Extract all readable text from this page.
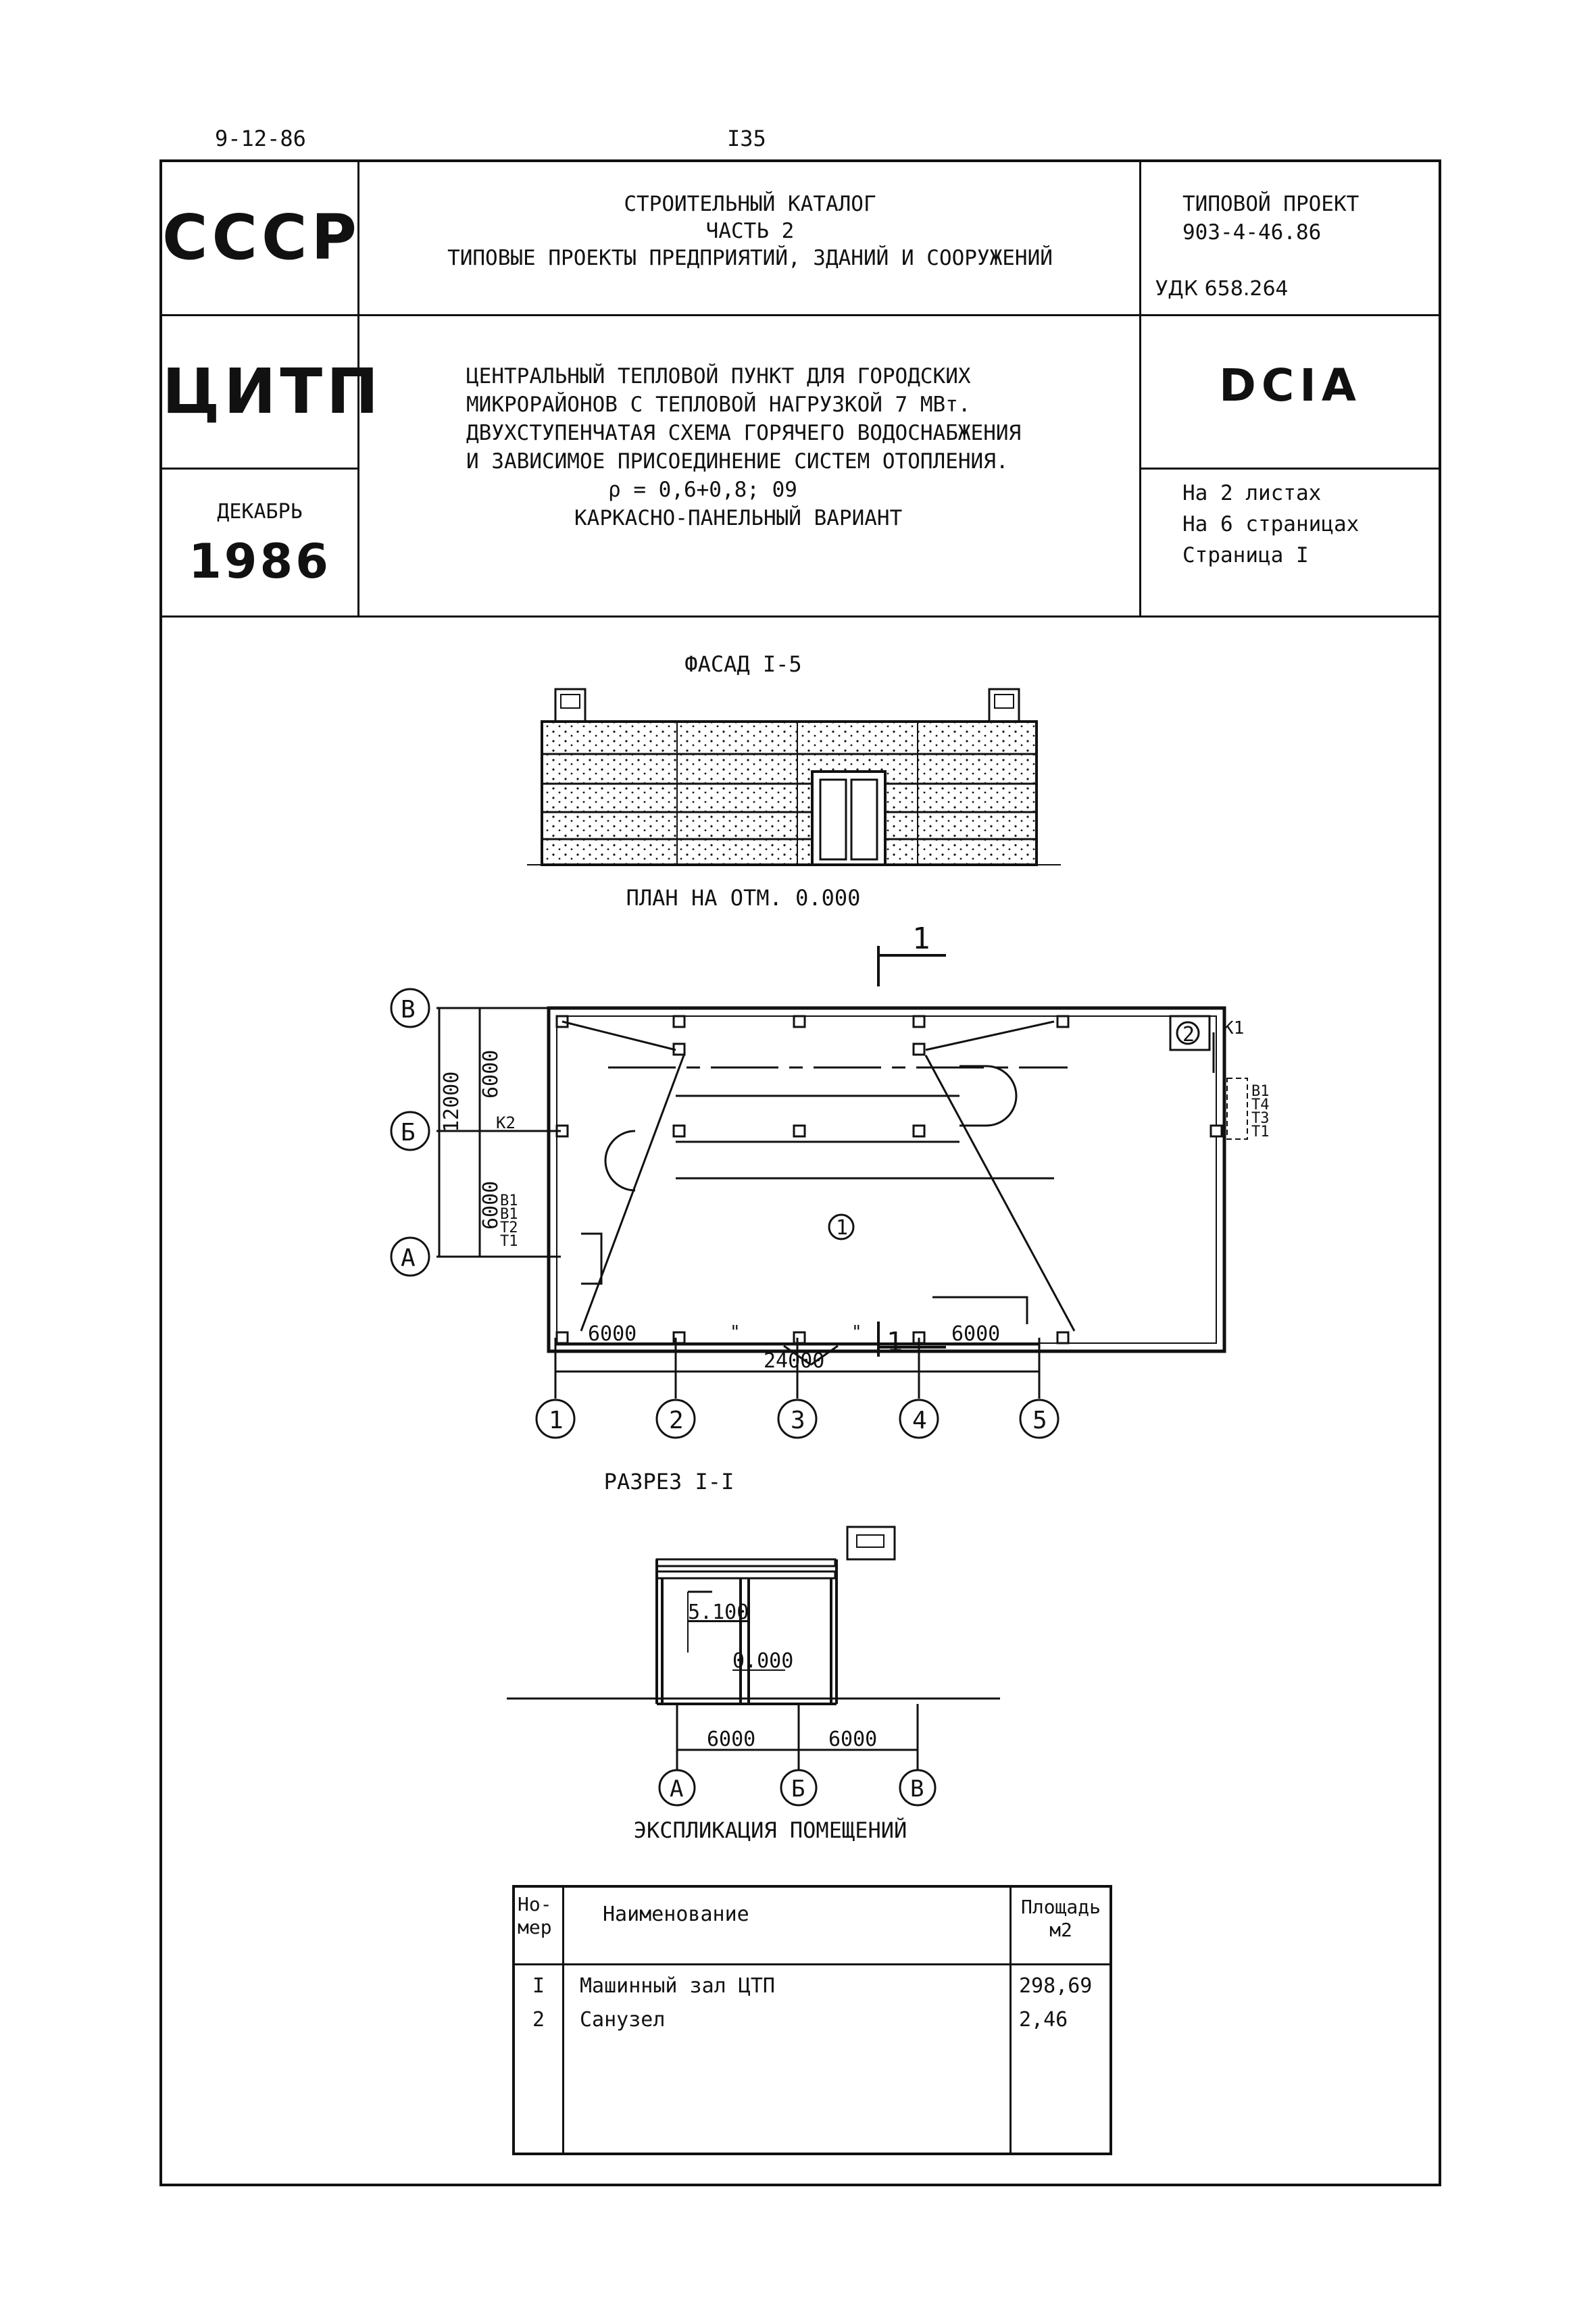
9-12-86	I35
СССР
ЦИТП
ДЕКАБРЬ
1986
СТРОИТЕЛЬНЫЙ КАТАЛОГ
ЧАСТЬ 2
ТИПОВЫЕ ПРОЕКТЫ ПРЕДПРИЯТИЙ, ЗДАНИЙ И СООРУЖЕНИЙ
ЦЕНТРАЛЬНЫЙ ТЕПЛОВОЙ ПУНКТ ДЛЯ ГОРОДСКИХ
МИКРОРАЙОНОВ С ТЕПЛОВОЙ НАГРУЗКОЙ 7 МВт.
ДВУХСТУПЕНЧАТАЯ СХЕМА ГОРЯЧЕГО ВОДОСНАБЖЕНИЯ
И ЗАВИСИМОЕ ПРИСОЕДИНЕНИЕ СИСТЕМ ОТОПЛЕНИЯ.
ρ = 0,6+0,8; 09
КАРКАСНО-ПАНЕЛЬНЫЙ ВАРИАНТ
ТИПОВОЙ ПРОЕКТ
903-4-46.86
УДК 658.264
DCIA
На 2 листах
На 6 страницах
Страница I
ФАСАД I-5
ПЛАН НА ОТМ. 0.000
РАЗРЕЗ I-I
ЭКСПЛИКАЦИЯ ПОМЕЩЕНИЙ
1
2
1
К1
К2
В1
Т4
Т3
Т1
В1
В1
Т2
Т1
1
В
Б
А
12000 6000
6000
6000	"	"	6000
24000
1	2	3	4	5
5.100
0.000
6000	6000
А	Б	В
Но-
мер
Наименование	Площадь
м2
I Машинный зал ЦТП	298,69
2 Санузел	2,46
